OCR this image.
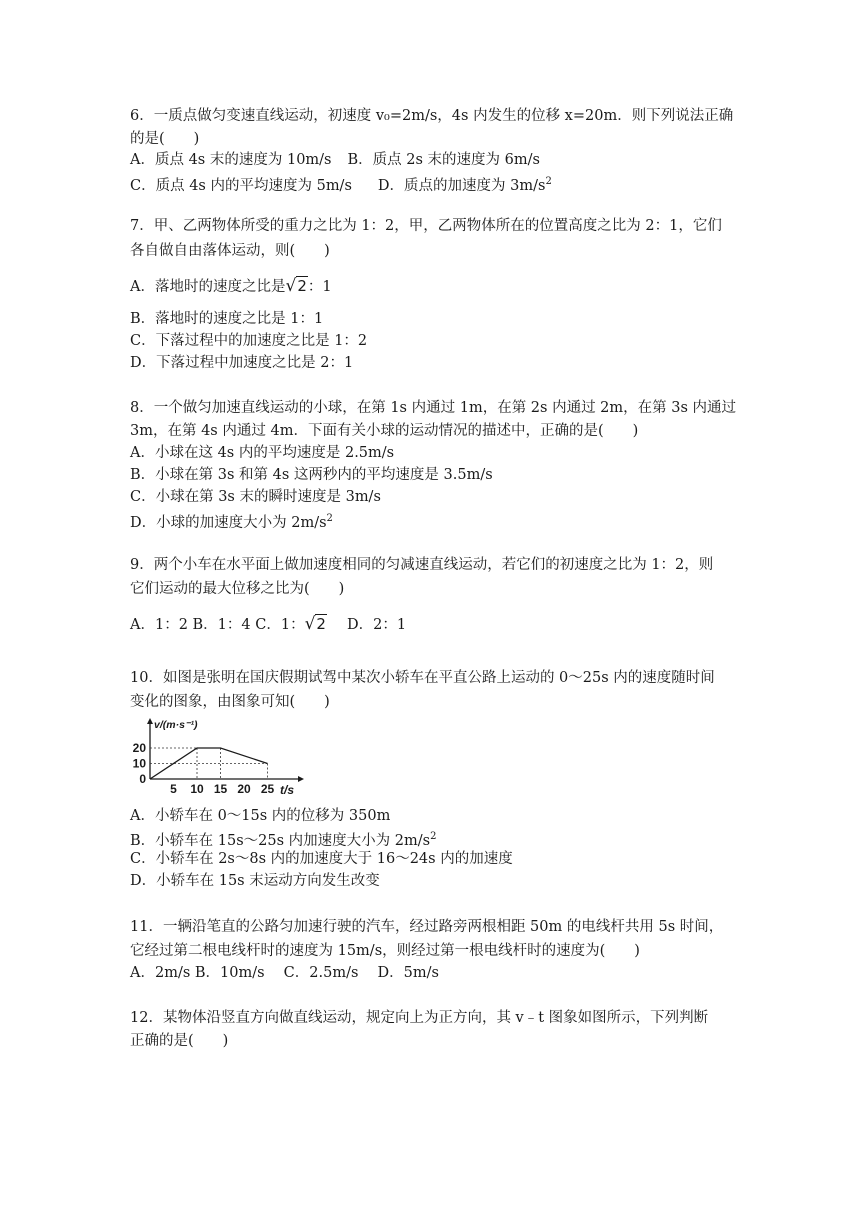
6．一质点做匀变速直线运动，初速度 v₀=2m/s，4s 内发生的位移 x=20m．则下列说法正确
的是(　　)
A．质点 4s 末的速度为 10m/s B．质点 2s 末的速度为 6m/s
C．质点 4s 内的平均速度为 5m/s D．质点的加速度为 $3m/s^2$
7．甲、乙两物体所受的重力之比为 1：2，甲，乙两物体所在的位置高度之比为 2：1，它们
各自做自由落体运动，则(　　)
A．落地时的速度之比是√2：1
B．落地时的速度之比是 1：1
C．下落过程中的加速度之比是 1：2
D．下落过程中加速度之比是 2：1
8．一个做匀加速直线运动的小球，在第 1s 内通过 1m，在第 2s 内通过 2m，在第 3s 内通过
3m，在第 4s 内通过 4m．下面有关小球的运动情况的描述中，正确的是(　　)
A．小球在这 4s 内的平均速度是 2.5m/s
B．小球在第 3s 和第 4s 这两秒内的平均速度是 3.5m/s
C．小球在第 3s 末的瞬时速度是 3m/s
D．小球的加速度大小为 $2m/s^2$
9．两个小车在水平面上做加速度相同的匀减速直线运动，若它们的初速度之比为 1：2，则
它们运动的最大位移之比为(　　)
A．1：2 B．1：4 C．1：√2 D．2：1
10．如图是张明在国庆假期试驾中某次小轿车在平直公路上运动的 0～25s 内的速度随时间
变化的图象，由图象可知(　　)
5 10 15 20 25
0
10
20
v/(m·s⁻¹)
t/s
A．小轿车在 0～15s 内的位移为 350m
B．小轿车在 15s～25s 内加速度大小为 $2m/s^2$
C．小轿车在 2s～8s 内的加速度大于 16～24s 内的加速度
D．小轿车在 15s 末运动方向发生改变
11．一辆沿笔直的公路匀加速行驶的汽车，经过路旁两根相距 50m 的电线杆共用 5s 时间，
它经过第二根电线杆时的速度为 15m/s，则经过第一根电线杆时的速度为(　　)
A．2m/s B．10m/s　 C．2.5m/s　 D．5m/s
12．某物体沿竖直方向做直线运动，规定向上为正方向，其 v﹣t 图象如图所示，下列判断
正确的是(　　)
